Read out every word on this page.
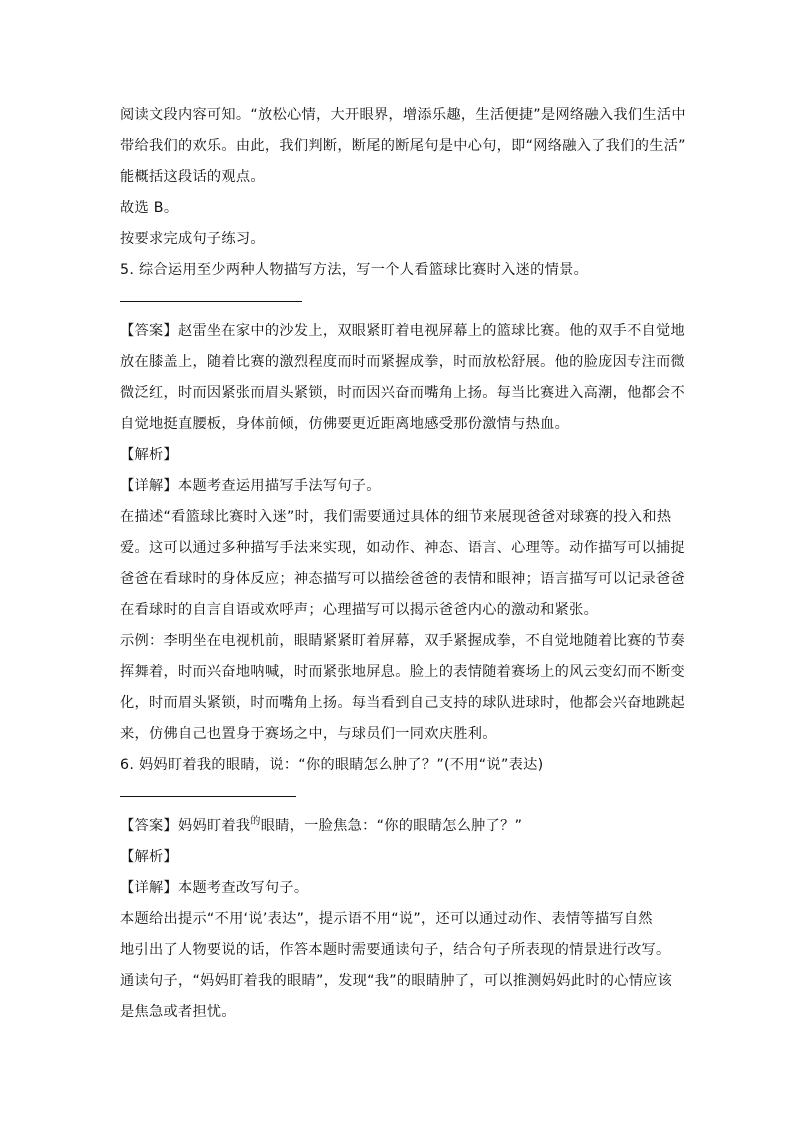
阅读文段内容可知。“放松心情，大开眼界，增添乐趣，生活便捷”是网络融入我们生活中
带给我们的欢乐。由此，我们判断，断尾的断尾句是中心句，即“网络融入了我们的生活”
能概括这段话的观点。
故选 B。
按要求完成句子练习。
5. 综合运用至少两种人物描写方法，写一个人看篮球比赛时入迷的情景。
【答案】赵雷坐在家中的沙发上，双眼紧盯着电视屏幕上的篮球比赛。他的双手不自觉地
放在膝盖上，随着比赛的激烈程度而时而紧握成拳，时而放松舒展。他的脸庞因专注而微
微泛红，时而因紧张而眉头紧锁，时而因兴奋而嘴角上扬。每当比赛进入高潮，他都会不
自觉地挺直腰板，身体前倾，仿佛要更近距离地感受那份激情与热血。
【解析】
【详解】本题考查运用描写手法写句子。
在描述“看篮球比赛时入迷”时，我们需要通过具体的细节来展现爸爸对球赛的投入和热
爱。这可以通过多种描写手法来实现，如动作、神态、语言、心理等。动作描写可以捕捉
爸爸在看球时的身体反应；神态描写可以描绘爸爸的表情和眼神；语言描写可以记录爸爸
在看球时的自言自语或欢呼声；心理描写可以揭示爸爸内心的激动和紧张。
示例：李明坐在电视机前，眼睛紧紧盯着屏幕，双手紧握成拳，不自觉地随着比赛的节奏
挥舞着，时而兴奋地呐喊，时而紧张地屏息。脸上的表情随着赛场上的风云变幻而不断变
化，时而眉头紧锁，时而嘴角上扬。每当看到自己支持的球队进球时，他都会兴奋地跳起
来，仿佛自己也置身于赛场之中，与球员们一同欢庆胜利。
6. 妈妈盯着我的眼睛，说：“你的眼睛怎么肿了？”(不用“说”表达)
【答案】妈妈盯着我$^的$眼睛，一脸焦急：“你的眼睛怎么肿了？”
【解析】
【详解】本题考查改写句子。
本题给出提示“不用‘说’表达”，提示语不用“说”，还可以通过动作、表情等描写自然
地引出了人物要说的话，作答本题时需要通读句子，结合句子所表现的情景进行改写。
通读句子，“妈妈盯着我的眼睛”，发现“我”的眼睛肿了，可以推测妈妈此时的心情应该
是焦急或者担忧。
